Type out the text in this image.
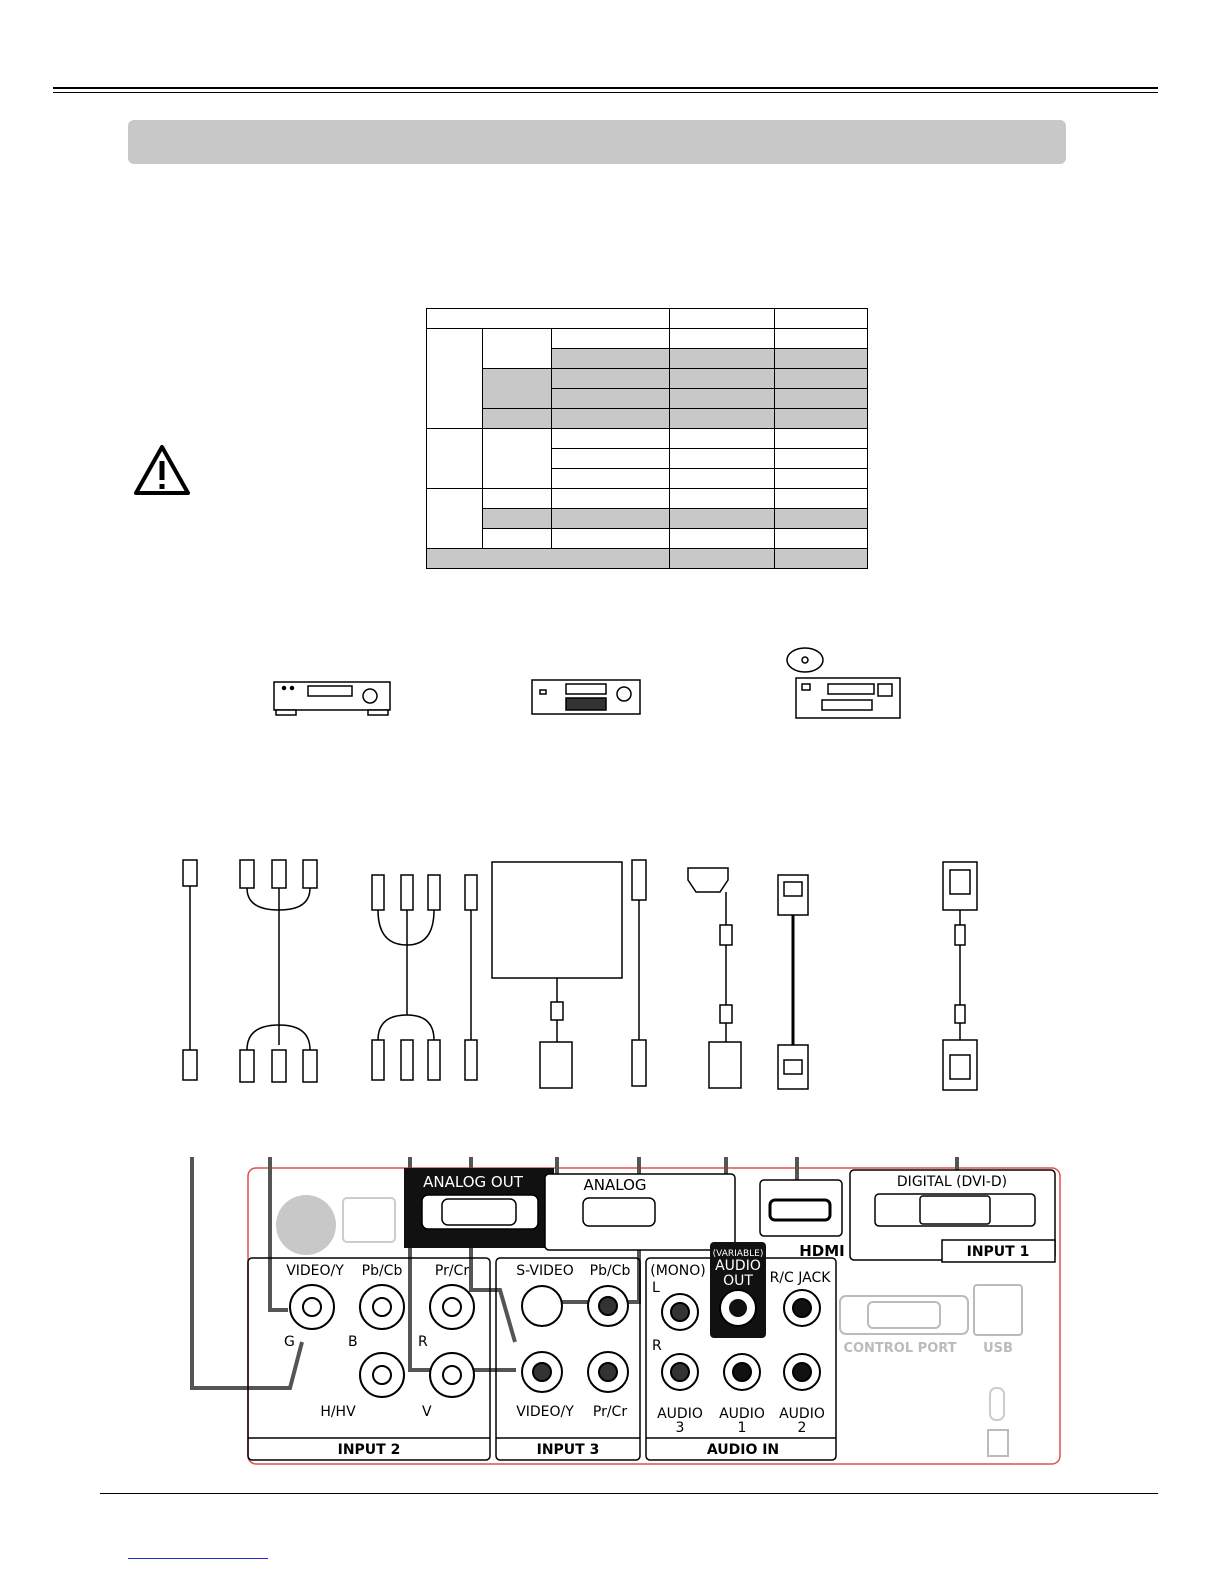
ANALOG OUT	ANALOG
HDMI
DIGITAL (DVI-D)
INPUT 1
INPUT 2
VIDEO/Y Pb/Cb Pr/Cr
G	B	R
H/HV	V
INPUT 3
S-VIDEO Pb/Cb
VIDEO/Y Pr/Cr
AUDIO IN
(MONO)
L
R
(VARIABLE)
AUDIO
OUT R/C JACK
AUDIO
3
AUDIO
1
AUDIO
2
CONTROL PORT USB
